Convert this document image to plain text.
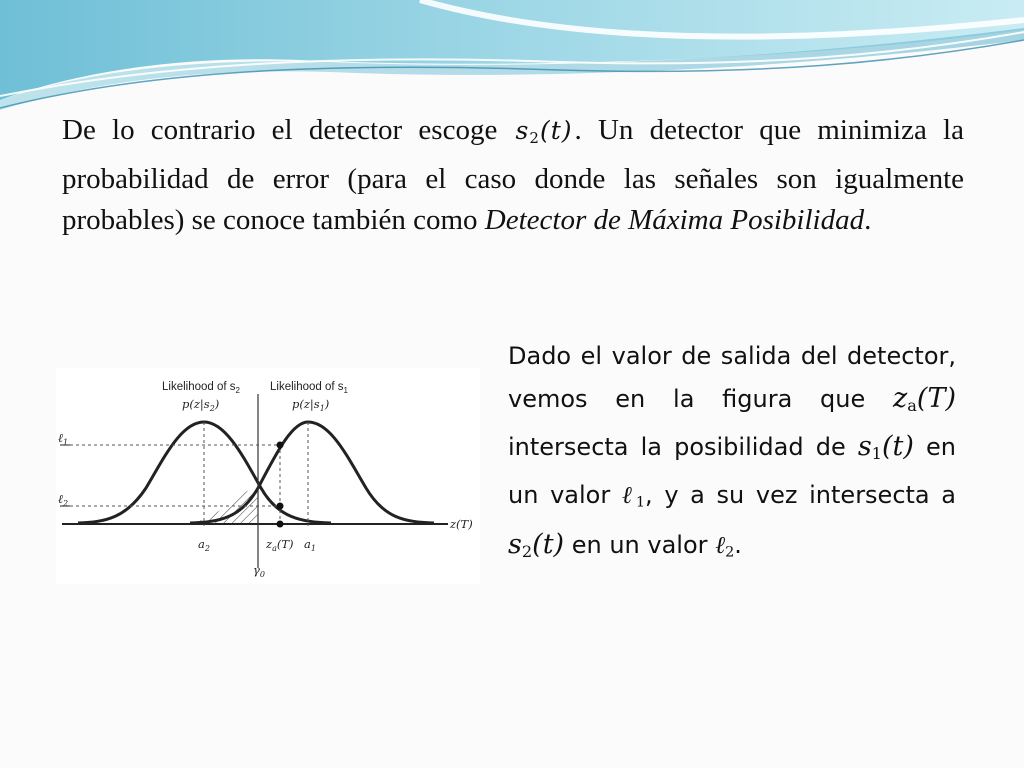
De lo contrario el detector escoge $s_2(t)$. Un detector que minimiza la probabilidad de error (para el caso donde las señales son igualmente probables) se conoce también como Detector de Máxima Posibilidad.

Likelihood of $s_2$
$p(z|s_2)$
Likelihood of $s_1$
$p(z|s_1)$
ℓ$_1$
ℓ$_2$
$a_2$	$z_a(T)$ $a_1$
$\gamma_0$
z(T)

Dado el valor de salida del detector, vemos en la figura que $z_a(T)$ intersecta la posibilidad de $s_1(t)$ en un valor ℓ$_1$, y a su vez intersecta a $s_2(t)$ en un valor ℓ$_2$.
